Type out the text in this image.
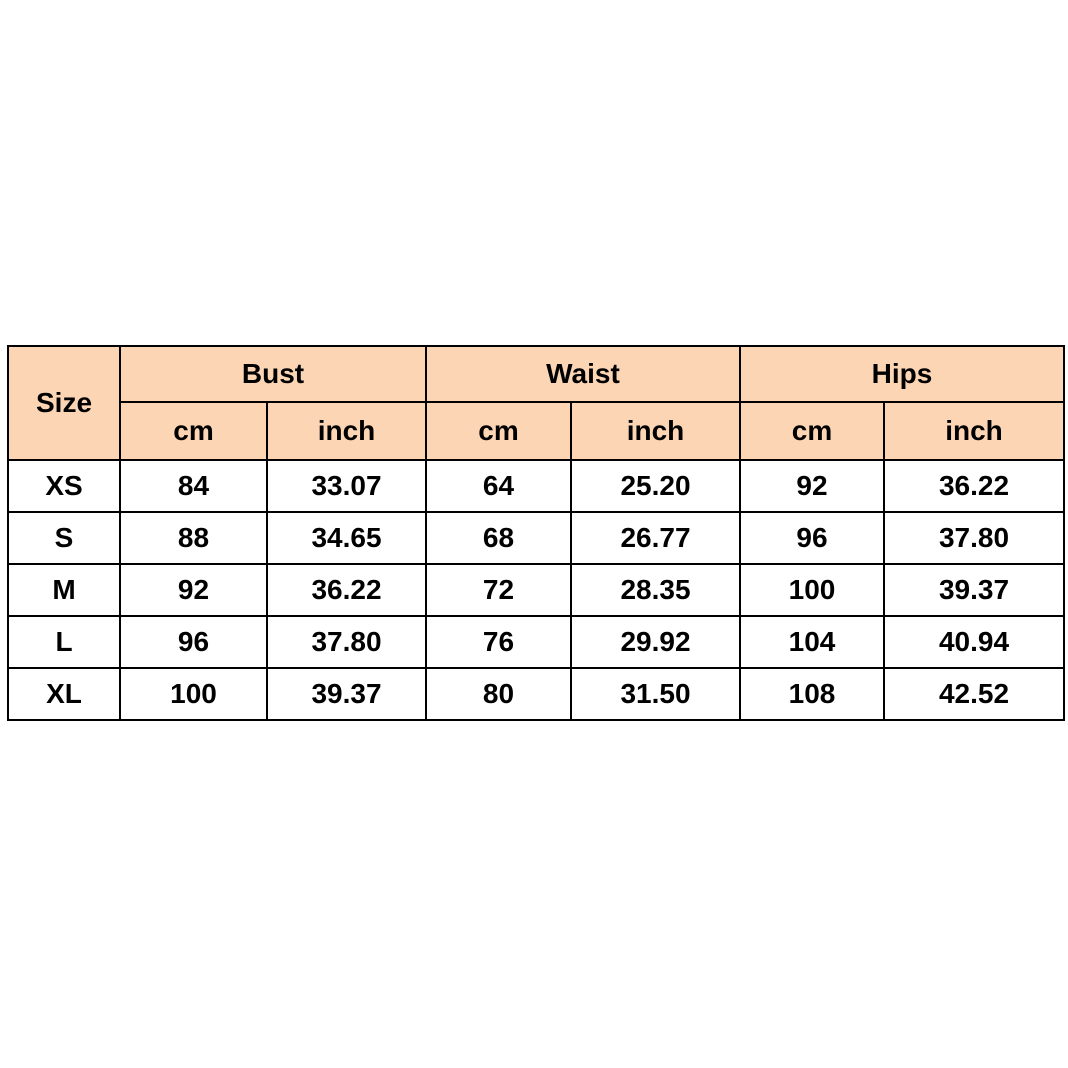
Size	Bust		Waist		Hips	
	cm	inch	cm	inch	cm	inch
XS	84	33.07	64	25.20	92	36.22
S	88	34.65	68	26.77	96	37.80
M	92	36.22	72	28.35	100	39.37
L	96	37.80	76	29.92	104	40.94
XL	100	39.37	80	31.50	108	42.52
